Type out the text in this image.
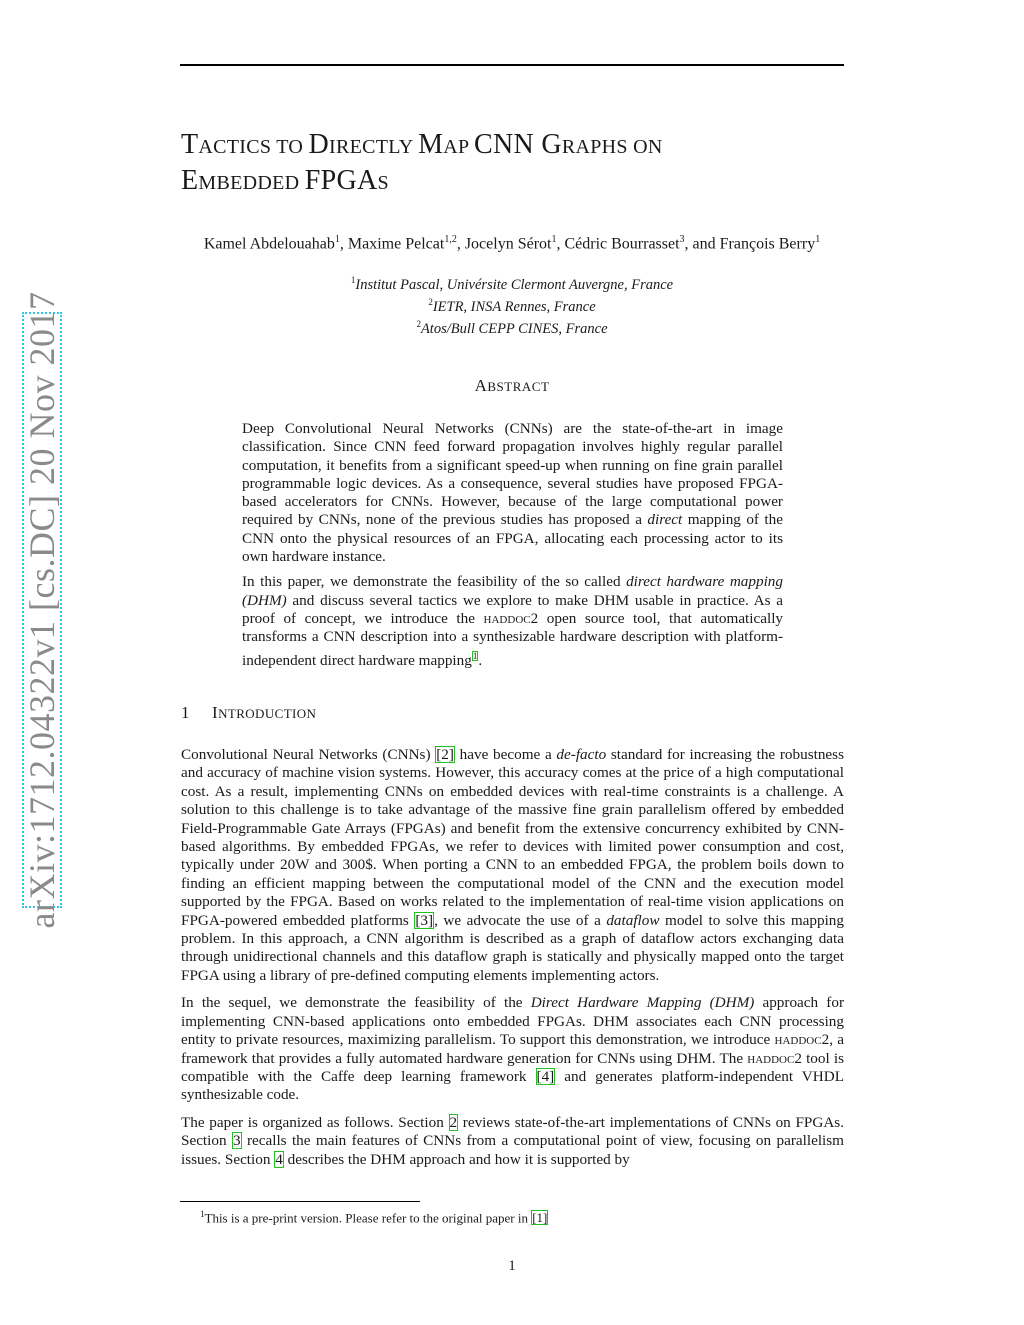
arXiv:1712.04322v1 [cs.DC] 20 Nov 2017
TACTICS TO DIRECTLY MAP CNN GRAPHS ON
EMBEDDED FPGAS
Kamel Abdelouahab$^1$, Maxime Pelcat$^{1,2}$, Jocelyn Sérot$^1$, Cédric Bourrasset$^3$, and François Berry$^1$
$^1$Institut Pascal, Univérsite Clermont Auvergne, France
$^2$IETR, INSA Rennes, France
$^2$Atos/Bull CEPP CINES, France
ABSTRACT

Deep Convolutional Neural Networks (CNNs) are the state-of-the-art in image classification. Since CNN feed forward propagation involves highly regular parallel computation, it benefits from a significant speed-up when running on fine grain parallel programmable logic devices. As a consequence, several studies have proposed FPGA-based accelerators for CNNs. However, because of the large computational power required by CNNs, none of the previous studies has proposed a direct mapping of the CNN onto the physical resources of an FPGA, allocating each processing actor to its own hardware instance.

In this paper, we demonstrate the feasibility of the so called direct hardware mapping (DHM) and discuss several tactics we explore to make DHM usable in practice. As a proof of concept, we introduce the haddoc2 open source tool, that automatically transforms a CNN description into a synthesizable hardware description with platform-independent direct hardware mapping$^1$.

1 INTRODUCTION

Convolutional Neural Networks (CNNs) [2] have become a de-facto standard for increasing the robustness and accuracy of machine vision systems. However, this accuracy comes at the price of a high computational cost. As a result, implementing CNNs on embedded devices with real-time constraints is a challenge. A solution to this challenge is to take advantage of the massive fine grain parallelism offered by embedded Field-Programmable Gate Arrays (FPGAs) and benefit from the extensive concurrency exhibited by CNN-based algorithms. By embedded FPGAs, we refer to devices with limited power consumption and cost, typically under 20W and 300$. When porting a CNN to an embedded FPGA, the problem boils down to finding an efficient mapping between the computational model of the CNN and the execution model supported by the FPGA. Based on works related to the implementation of real-time vision applications on FPGA-powered embedded platforms [3], we advocate the use of a dataflow model to solve this mapping problem. In this approach, a CNN algorithm is described as a graph of dataflow actors exchanging data through unidirectional channels and this dataflow graph is statically and physically mapped onto the target FPGA using a library of pre-defined computing elements implementing actors.

In the sequel, we demonstrate the feasibility of the Direct Hardware Mapping (DHM) approach for implementing CNN-based applications onto embedded FPGAs. DHM associates each CNN processing entity to private resources, maximizing parallelism. To support this demonstration, we introduce haddoc2, a framework that provides a fully automated hardware generation for CNNs using DHM. The haddoc2 tool is compatible with the Caffe deep learning framework [4] and generates platform-independent VHDL synthesizable code.

The paper is organized as follows. Section 2 reviews state-of-the-art implementations of CNNs on FPGAs. Section 3 recalls the main features of CNNs from a computational point of view, focusing on parallelism issues. Section 4 describes the DHM approach and how it is supported by

$^1$This is a pre-print version. Please refer to the original paper in [1]
1
